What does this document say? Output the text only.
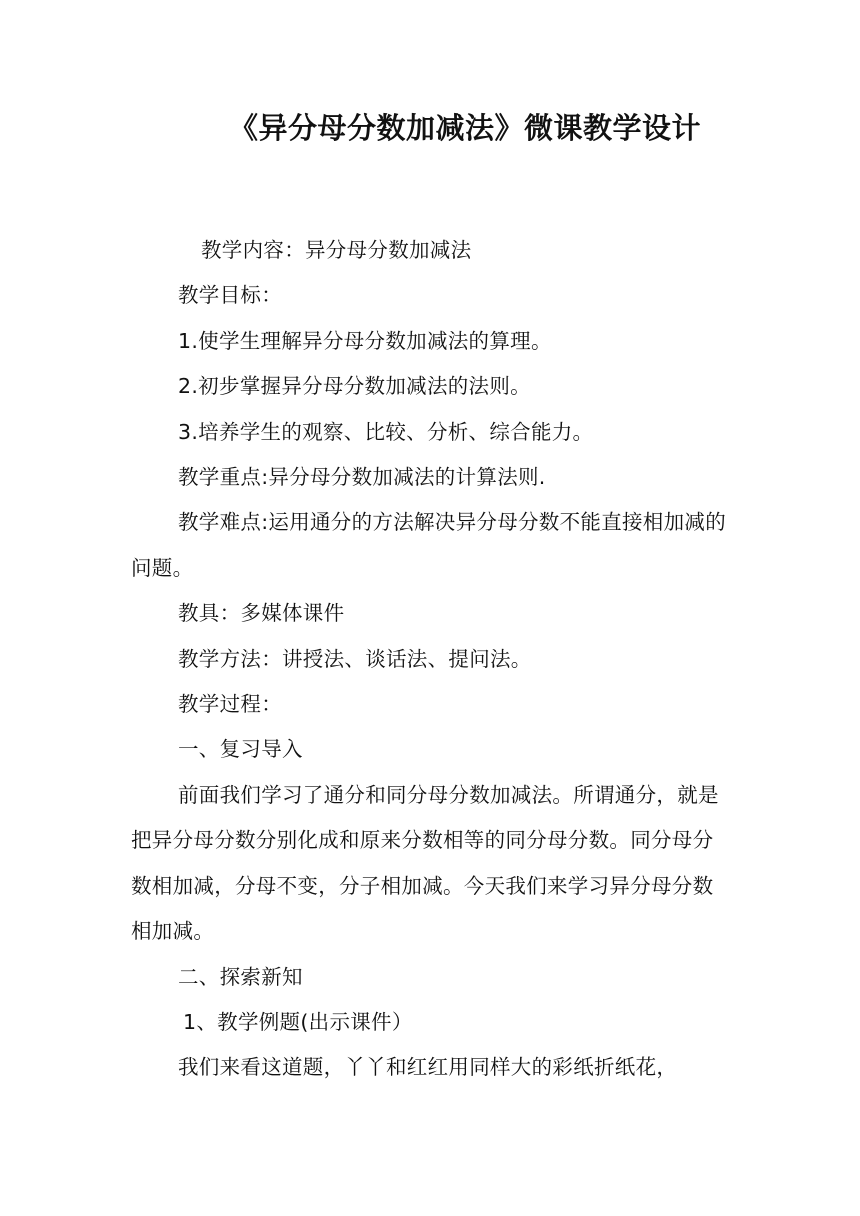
《异分母分数加减法》微课教学设计

教学内容：异分母分数加减法

教学目标：

1.使学生理解异分母分数加减法的算理。

2.初步掌握异分母分数加减法的法则。

3.培养学生的观察、比较、分析、综合能力。

教学重点:异分母分数加减法的计算法则.

教学难点:运用通分的方法解决异分母分数不能直接相加减的问题。

教具：多媒体课件

教学方法：讲授法、谈话法、提问法。

教学过程：

一、复习导入

前面我们学习了通分和同分母分数加减法。所谓通分，就是把异分母分数分别化成和原来分数相等的同分母分数。同分母分数相加减，分母不变，分子相加减。今天我们来学习异分母分数相加减。

二、探索新知

1、教学例题(出示课件）

我们来看这道题，丫丫和红红用同样大的彩纸折纸花，
